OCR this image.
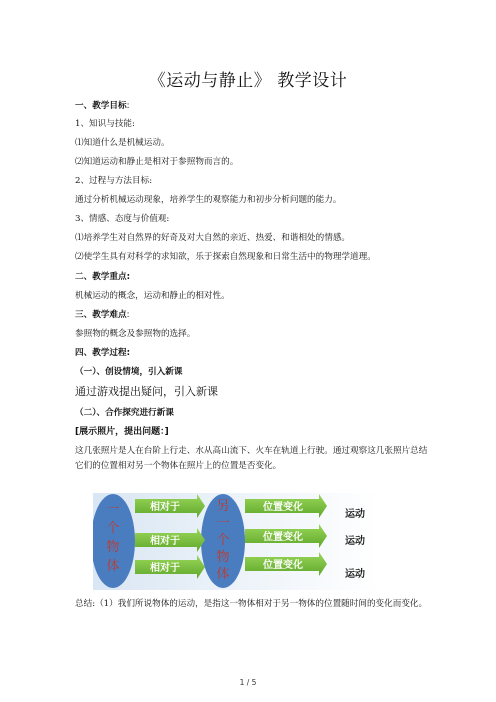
《运动与静止》 教学设计
一、教学目标:
1、知识与技能:
⑴知道什么是机械运动。
⑵知道运动和静止是相对于参照物而言的。
2、过程与方法目标:
通过分析机械运动现象，培养学生的观察能力和初步分析问题的能力。
3、情感、态度与价值观:
⑴培养学生对自然界的好奇及对大自然的亲近、热爱、和谐相处的情感。
⑵使学生具有对科学的求知欲，乐于探索自然现象和日常生活中的物理学道理。
二、教学重点:
机械运动的概念，运动和静止的相对性。
三、教学难点:
参照物的概念及参照物的选择。
四、教学过程:
（一）、创设情境，引入新课
通过游戏提出疑问，引入新课
（二）、合作探究进行新课
[展示照片，提出问题：]
这几张照片是人在台阶上行走、水从高山流下、火车在轨道上行驶。通过观察这几张照片总结它们的位置相对另一个物体在照片上的位置是否变化。
一
个
物
体
另
一
个
物
体
相对于
相对于
相对于
位置变化
位置变化
位置变化
运动
运动
运动
总结:（1）我们所说物体的运动，是指这一物体相对于另一物体的位置随时间的变化而变化。
1 / 5
